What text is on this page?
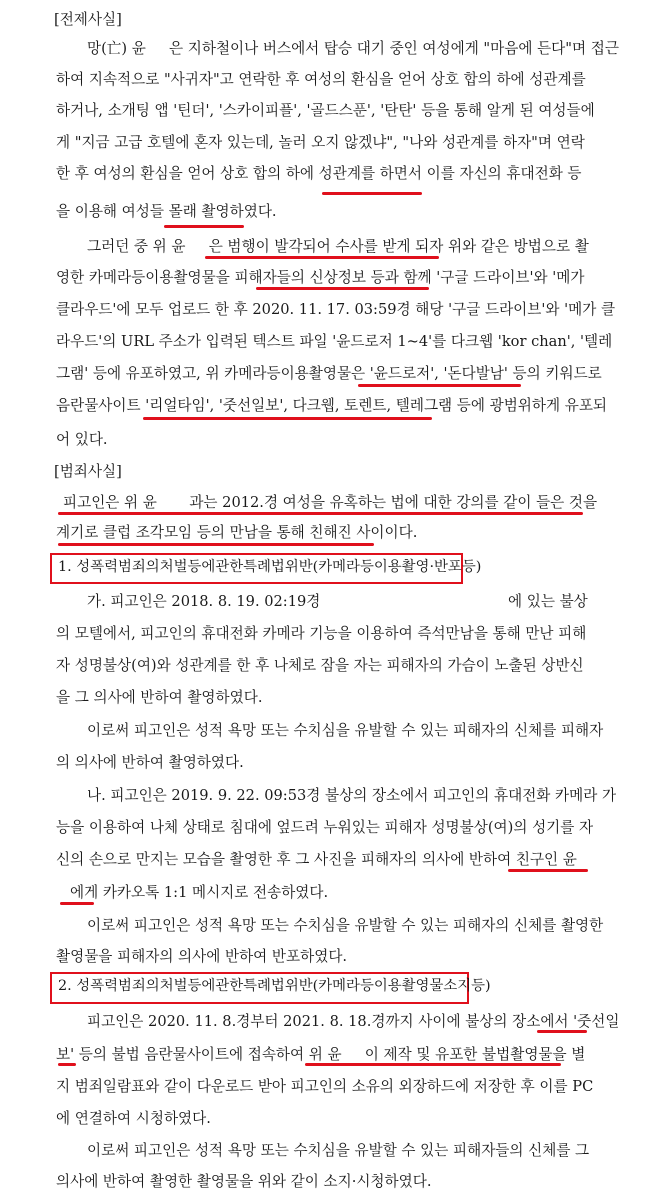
[전제사실]
망(亡) 윤     은 지하철이나 버스에서 탑승 대기 중인 여성에게 "마음에 든다"며 접근
하여 지속적으로 "사귀자"고 연락한 후 여성의 환심을 얻어 상호 합의 하에 성관계를
하거나, 소개팅 앱 '틴더', '스카이피플', '골드스푼', '탄탄' 등을 통해 알게 된 여성들에
게 "지금 고급 호텔에 혼자 있는데, 놀러 오지 않겠냐", "나와 성관계를 하자"며 연락
한 후 여성의 환심을 얻어 상호 합의 하에 성관계를 하면서 이를 자신의 휴대전화 등
을 이용해 여성들 몰래 촬영하였다.
그러던 중 위 윤     은 범행이 발각되어 수사를 받게 되자 위와 같은 방법으로 촬
영한 카메라등이용촬영물을 피해자들의 신상정보 등과 함께 '구글 드라이브'와 '메가
클라우드'에 모두 업로드 한 후 2020. 11. 17. 03:59경 해당 '구글 드라이브'와 '메가 클
라우드'의 URL 주소가 입력된 텍스트 파일 '윤드로저 1~4'를 다크웹 'kor chan', '텔레
그램' 등에 유포하였고, 위 카메라등이용촬영물은 '윤드로저', '돈다발남' 등의 키워드로
음란물사이트 '리얼타임', '줏선일보', 다크웹, 토렌트, 텔레그램 등에 광범위하게 유포되
어 있다.
[범죄사실]
피고인은 위 윤       과는 2012.경 여성을 유혹하는 법에 대한 강의를 같이 들은 것을
계기로 클럽 조각모임 등의 만남을 통해 친해진 사이이다.
1. 성폭력범죄의처벌등에관한특례법위반(카메라등이용촬영·반포등)
가. 피고인은 2018. 8. 19. 02:19경	에 있는 불상
의 모텔에서, 피고인의 휴대전화 카메라 기능을 이용하여 즉석만남을 통해 만난 피해
자 성명불상(여)와 성관계를 한 후 나체로 잠을 자는 피해자의 가슴이 노출된 상반신
을 그 의사에 반하여 촬영하였다.
이로써 피고인은 성적 욕망 또는 수치심을 유발할 수 있는 피해자의 신체를 피해자
의 의사에 반하여 촬영하였다.
나. 피고인은 2019. 9. 22. 09:53경 불상의 장소에서 피고인의 휴대전화 카메라 가
능을 이용하여 나체 상태로 침대에 엎드려 누워있는 피해자 성명불상(여)의 성기를 자
신의 손으로 만지는 모습을 촬영한 후 그 사진을 피해자의 의사에 반하여 친구인 윤
에게 카카오톡 1:1 메시지로 전송하였다.
이로써 피고인은 성적 욕망 또는 수치심을 유발할 수 있는 피해자의 신체를 촬영한
촬영물을 피해자의 의사에 반하여 반포하였다.
2. 성폭력범죄의처벌등에관한특례법위반(카메라등이용촬영물소지등)
피고인은 2020. 11. 8.경부터 2021. 8. 18.경까지 사이에 불상의 장소에서 '줏선일
보' 등의 불법 음란물사이트에 접속하여 위 윤     이 제작 및 유포한 불법촬영물을 별
지 범죄일람표와 같이 다운로드 받아 피고인의 소유의 외장하드에 저장한 후 이를 PC
에 연결하여 시청하였다.
이로써 피고인은 성적 욕망 또는 수치심을 유발할 수 있는 피해자들의 신체를 그
의사에 반하여 촬영한 촬영물을 위와 같이 소지·시청하였다.
